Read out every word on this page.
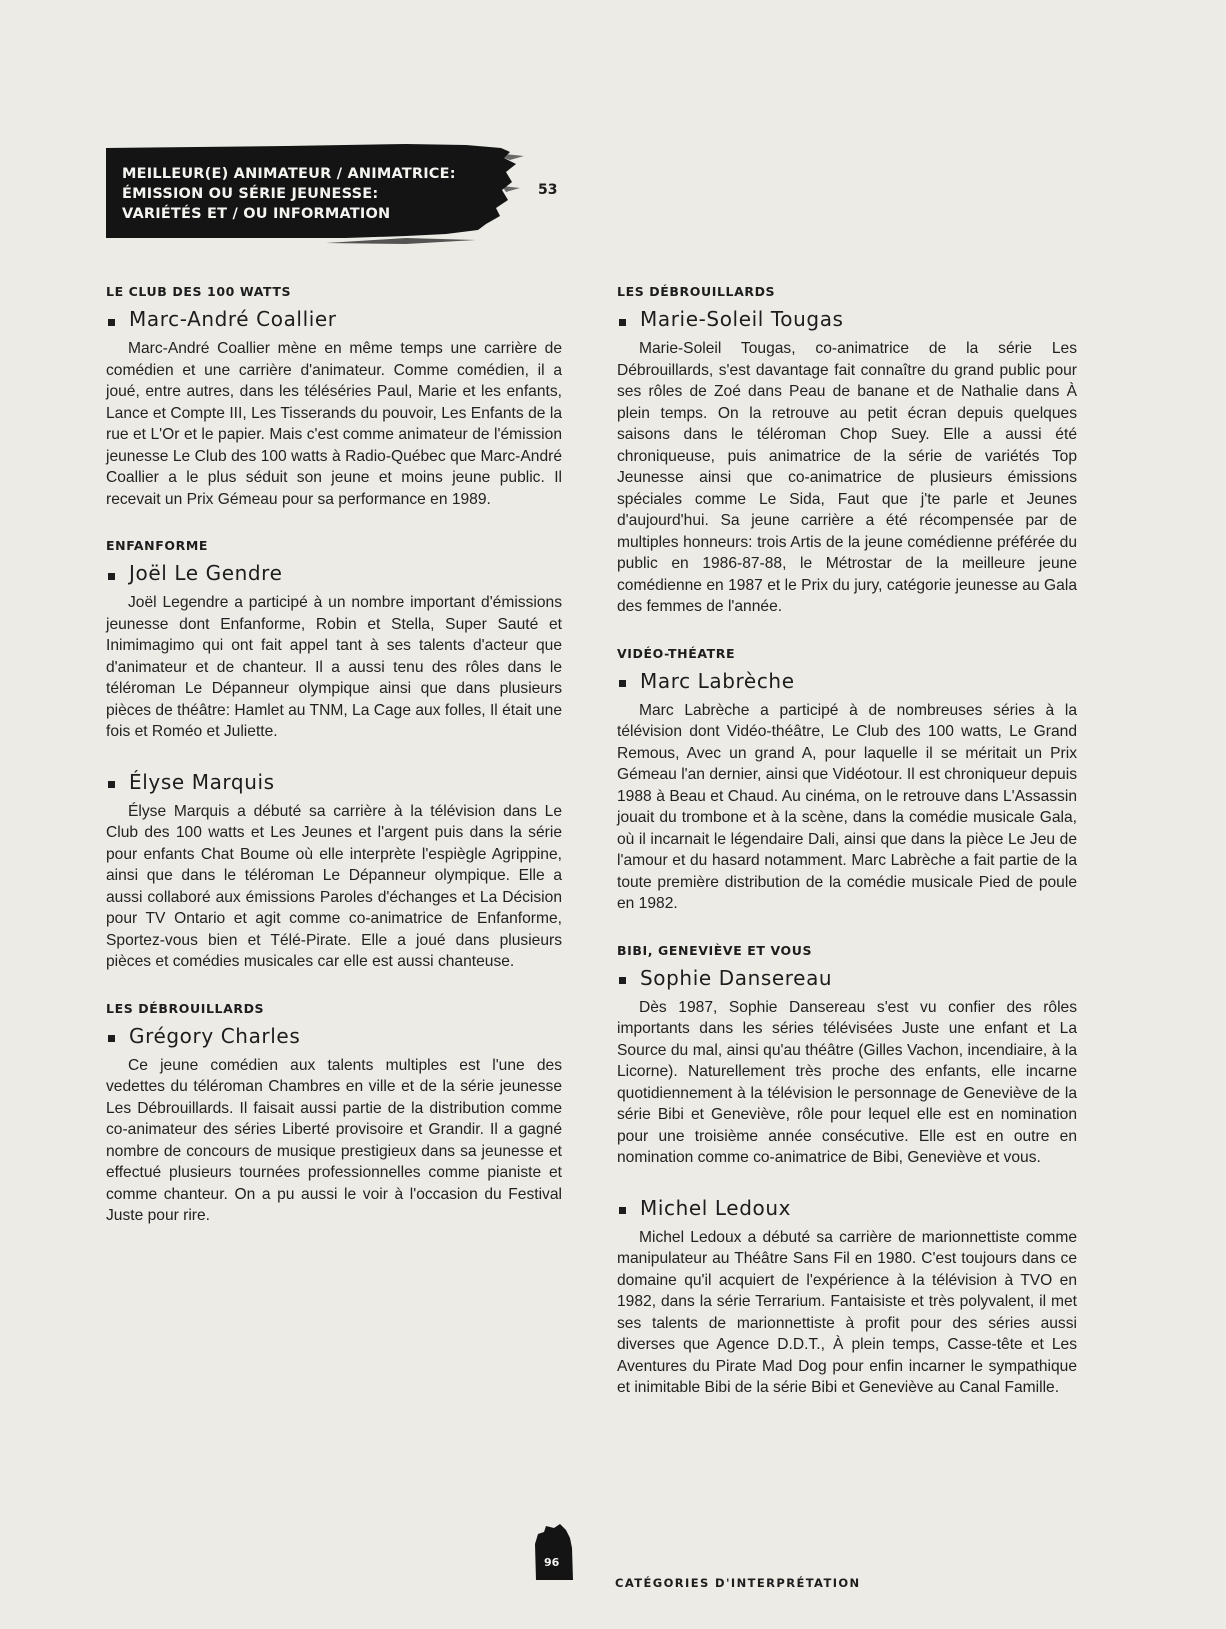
MEILLEUR(E) ANIMATEUR / ANIMATRICE:
ÉMISSION OU SÉRIE JEUNESSE:
VARIÉTÉS ET / OU INFORMATION
53
LE CLUB DES 100 WATTS
Marc-André Coallier

Marc-André Coallier mène en même temps une carrière de comédien et une carrière d'animateur. Comme comédien, il a joué, entre autres, dans les téléséries Paul, Marie et les enfants, Lance et Compte III, Les Tisserands du pouvoir, Les Enfants de la rue et L'Or et le papier. Mais c'est comme animateur de l'émission jeunesse Le Club des 100 watts à Radio-Québec que Marc-André Coallier a le plus séduit son jeune et moins jeune public. Il recevait un Prix Gémeau pour sa performance en 1989.

ENFANFORME
Joël Le Gendre

Joël Legendre a participé à un nombre important d'émissions jeunesse dont Enfanforme, Robin et Stella, Super Sauté et Inimimagimo qui ont fait appel tant à ses talents d'acteur que d'animateur et de chanteur. Il a aussi tenu des rôles dans le téléroman Le Dépanneur olympique ainsi que dans plusieurs pièces de théâtre: Hamlet au TNM, La Cage aux folles, Il était une fois et Roméo et Juliette.

Élyse Marquis

Élyse Marquis a débuté sa carrière à la télévision dans Le Club des 100 watts et Les Jeunes et l'argent puis dans la série pour enfants Chat Boume où elle interprète l'espiègle Agrippine, ainsi que dans le téléroman Le Dépanneur olympique. Elle a aussi collaboré aux émissions Paroles d'échanges et La Décision pour TV Ontario et agit comme co-animatrice de Enfanforme, Sportez-vous bien et Télé-Pirate. Elle a joué dans plusieurs pièces et comédies musicales car elle est aussi chanteuse.

LES DÉBROUILLARDS
Grégory Charles

Ce jeune comédien aux talents multiples est l'une des vedettes du téléroman Chambres en ville et de la série jeunesse Les Débrouillards. Il faisait aussi partie de la distribution comme co-animateur des séries Liberté provisoire et Grandir. Il a gagné nombre de concours de musique prestigieux dans sa jeunesse et effectué plusieurs tournées professionnelles comme pianiste et comme chanteur. On a pu aussi le voir à l'occasion du Festival Juste pour rire.

LES DÉBROUILLARDS
Marie-Soleil Tougas

Marie-Soleil Tougas, co-animatrice de la série Les Débrouillards, s'est davantage fait connaître du grand public pour ses rôles de Zoé dans Peau de banane et de Nathalie dans À plein temps. On la retrouve au petit écran depuis quelques saisons dans le téléroman Chop Suey. Elle a aussi été chroniqueuse, puis animatrice de la série de variétés Top Jeunesse ainsi que co-animatrice de plusieurs émissions spéciales comme Le Sida, Faut que j'te parle et Jeunes d'aujourd'hui. Sa jeune carrière a été récompensée par de multiples honneurs: trois Artis de la jeune comédienne préférée du public en 1986-87-88, le Métrostar de la meilleure jeune comédienne en 1987 et le Prix du jury, catégorie jeunesse au Gala des femmes de l'année.

VIDÉO-THÉATRE
Marc Labrèche

Marc Labrèche a participé à de nombreuses séries à la télévision dont Vidéo-théâtre, Le Club des 100 watts, Le Grand Remous, Avec un grand A, pour laquelle il se méritait un Prix Gémeau l'an dernier, ainsi que Vidéotour. Il est chroniqueur depuis 1988 à Beau et Chaud. Au cinéma, on le retrouve dans L'Assassin jouait du trombone et à la scène, dans la comédie musicale Gala, où il incarnait le légendaire Dali, ainsi que dans la pièce Le Jeu de l'amour et du hasard notamment. Marc Labrèche a fait partie de la toute première distribution de la comédie musicale Pied de poule en 1982.

BIBI, GENEVIÈVE ET VOUS
Sophie Dansereau

Dès 1987, Sophie Dansereau s'est vu confier des rôles importants dans les séries télévisées Juste une enfant et La Source du mal, ainsi qu'au théâtre (Gilles Vachon, incendiaire, à la Licorne). Naturellement très proche des enfants, elle incarne quotidiennement à la télévision le personnage de Geneviève de la série Bibi et Geneviève, rôle pour lequel elle est en nomination pour une troisième année consécutive. Elle est en outre en nomination comme co-animatrice de Bibi, Geneviève et vous.

Michel Ledoux

Michel Ledoux a débuté sa carrière de marionnettiste comme manipulateur au Théâtre Sans Fil en 1980. C'est toujours dans ce domaine qu'il acquiert de l'expérience à la télévision à TVO en 1982, dans la série Terrarium. Fantaisiste et très polyvalent, il met ses talents de marionnettiste à profit pour des séries aussi diverses que Agence D.D.T., À plein temps, Casse-tête et Les Aventures du Pirate Mad Dog pour enfin incarner le sympathique et inimitable Bibi de la série Bibi et Geneviève au Canal Famille.

96
CATÉGORIES D'INTERPRÉTATION
